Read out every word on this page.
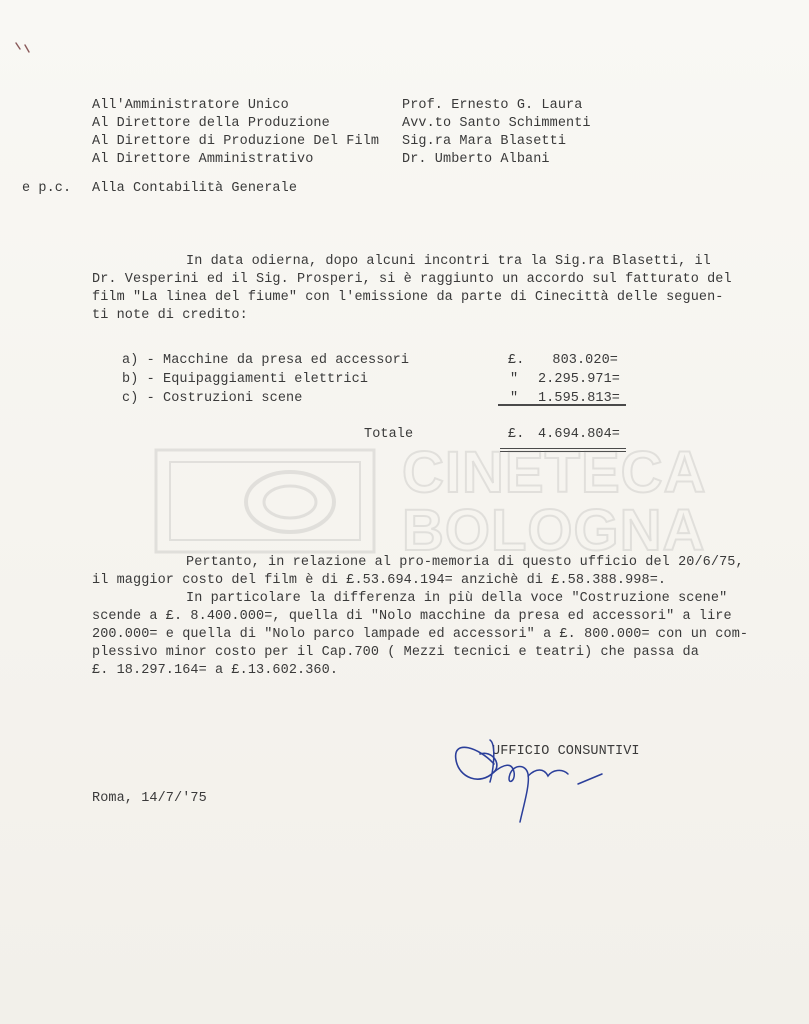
All'Amministratore Unico	Prof. Ernesto G. Laura
Al Direttore della Produzione	Avv.to Santo Schimmenti
Al Direttore di Produzione Del Film Sig.ra Mara Blasetti
Al Direttore Amministrativo	Dr. Umberto Albani
e p.c. Alla Contabilità Generale
In data odierna, dopo alcuni incontri tra la Sig.ra Blasetti, il
Dr. Vesperini ed il Sig. Prosperi, si è raggiunto un accordo sul fatturato del
film "La linea del fiume" con l'emissione da parte di Cinecittà delle seguen-
ti note di credito:
a) - Macchine da presa ed accessori	£.	803.020=
b) - Equipaggiamenti elettrici	"	2.295.971=
c) - Costruzioni scene	"	1.595.813=
Totale	£.	4.694.804=
CINETECA
BOLOGNA
Pertanto, in relazione al pro-memoria di questo ufficio del 20/6/75,
il maggior costo del film è di £.53.694.194= anzichè di £.58.388.998=.
In particolare la differenza in più della voce "Costruzione scene"
scende a £. 8.400.000=, quella di "Nolo macchine da presa ed accessori" a lire
200.000= e quella di "Nolo parco lampade ed accessori" a £. 800.000= con un com-
plessivo minor costo per il Cap.700 ( Mezzi tecnici e teatri) che passa da
£. 18.297.164= a £.13.602.360.
UFFICIO CONSUNTIVI
Roma, 14/7/'75
